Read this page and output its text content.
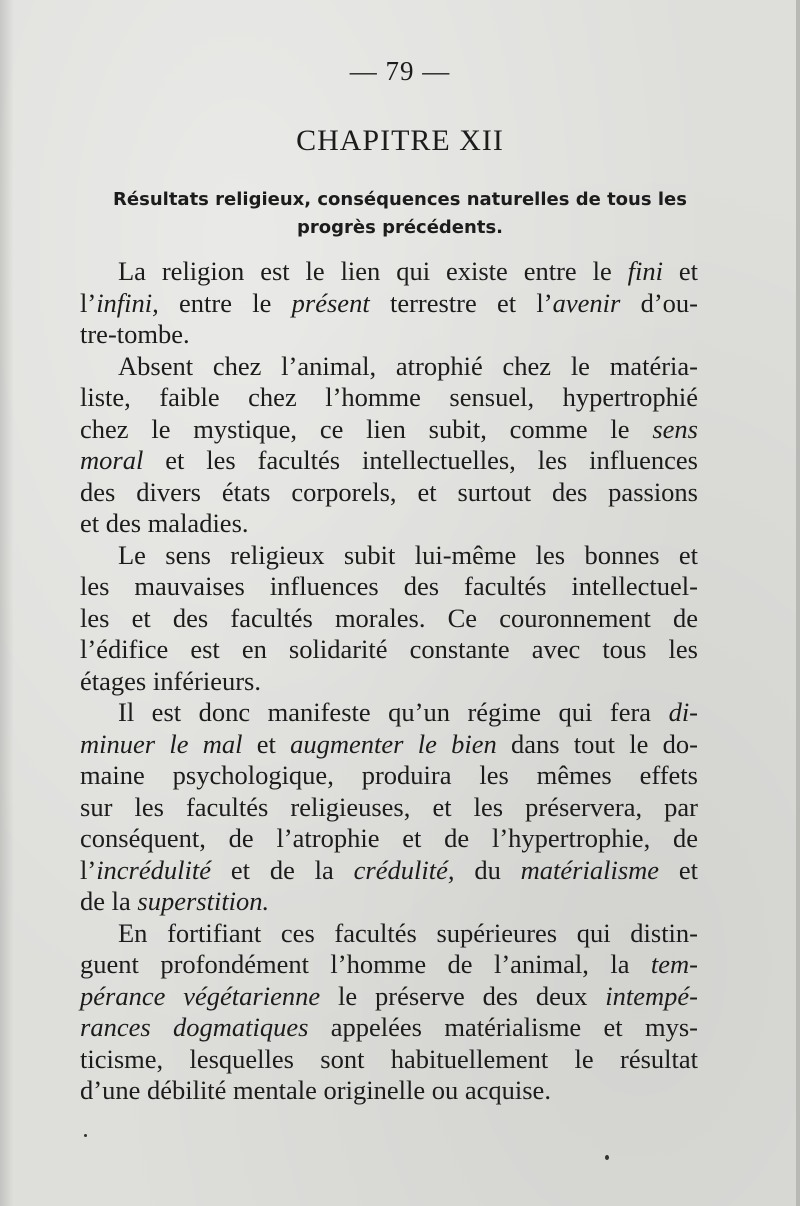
— 79 —
CHAPITRE XII
Résultats religieux, conséquences naturelles de tous les progrès précédents.
La religion est le lien qui existe entre le fini et
l’infini, entre le présent terrestre et l’avenir d’ou-
tre-tombe.
Absent chez l’animal, atrophié chez le matéria-
liste, faible chez l’homme sensuel, hypertrophié
chez le mystique, ce lien subit, comme le sens
moral et les facultés intellectuelles, les influences
des divers états corporels, et surtout des passions
et des maladies.
Le sens religieux subit lui-même les bonnes et
les mauvaises influences des facultés intellectuel-
les et des facultés morales. Ce couronnement de
l’édifice est en solidarité constante avec tous les
étages inférieurs.
Il est donc manifeste qu’un régime qui fera di-
minuer le mal et augmenter le bien dans tout le do-
maine psychologique, produira les mêmes effets
sur les facultés religieuses, et les préservera, par
conséquent, de l’atrophie et de l’hypertrophie, de
l’incrédulité et de la crédulité, du matérialisme et
de la superstition.
En fortifiant ces facultés supérieures qui distin-
guent profondément l’homme de l’animal, la tem-
pérance végétarienne le préserve des deux intempé-
rances dogmatiques appelées matérialisme et mys-
ticisme, lesquelles sont habituellement le résultat
d’une débilité mentale originelle ou acquise.
